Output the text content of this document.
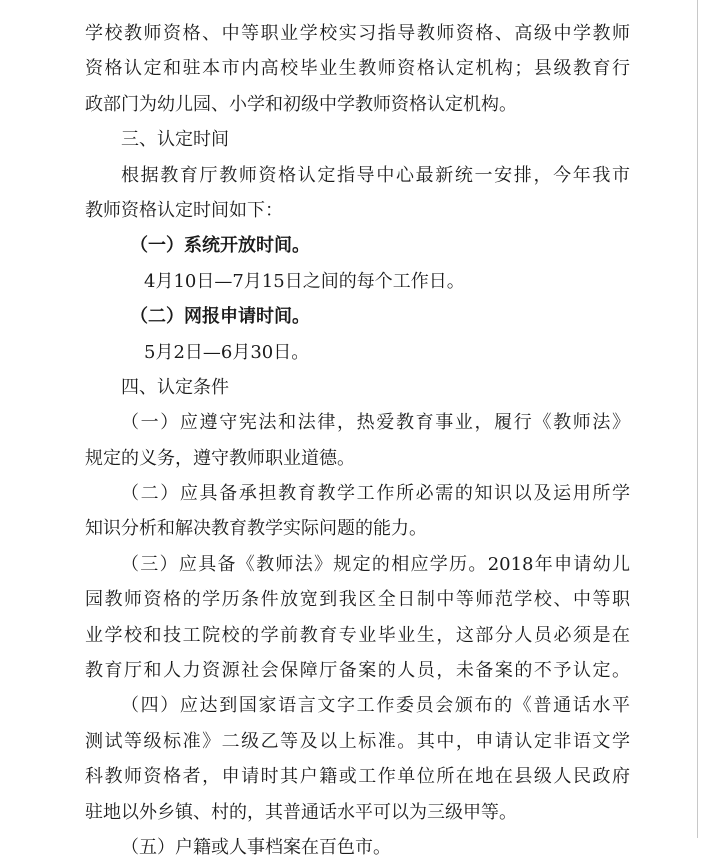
学校教师资格、中等职业学校实习指导教师资格、高级中学教师
资格认定和驻本市内高校毕业生教师资格认定机构；县级教育行
政部门为幼儿园、小学和初级中学教师资格认定机构。
三、认定时间
根据教育厅教师资格认定指导中心最新统一安排，今年我市
教师资格认定时间如下：
（一）系统开放时间。
4月10日—7月15日之间的每个工作日。
（二）网报申请时间。
5月2日—6月30日。
四、认定条件
（一）应遵守宪法和法律，热爱教育事业，履行《教师法》
规定的义务，遵守教师职业道德。
（二）应具备承担教育教学工作所必需的知识以及运用所学
知识分析和解决教育教学实际问题的能力。
（三）应具备《教师法》规定的相应学历。2018年申请幼儿
园教师资格的学历条件放宽到我区全日制中等师范学校、中等职
业学校和技工院校的学前教育专业毕业生，这部分人员必须是在
教育厅和人力资源社会保障厅备案的人员，未备案的不予认定。
（四）应达到国家语言文字工作委员会颁布的《普通话水平
测试等级标准》二级乙等及以上标准。其中，申请认定非语文学
科教师资格者，申请时其户籍或工作单位所在地在县级人民政府
驻地以外乡镇、村的，其普通话水平可以为三级甲等。
（五）户籍或人事档案在百色市。
